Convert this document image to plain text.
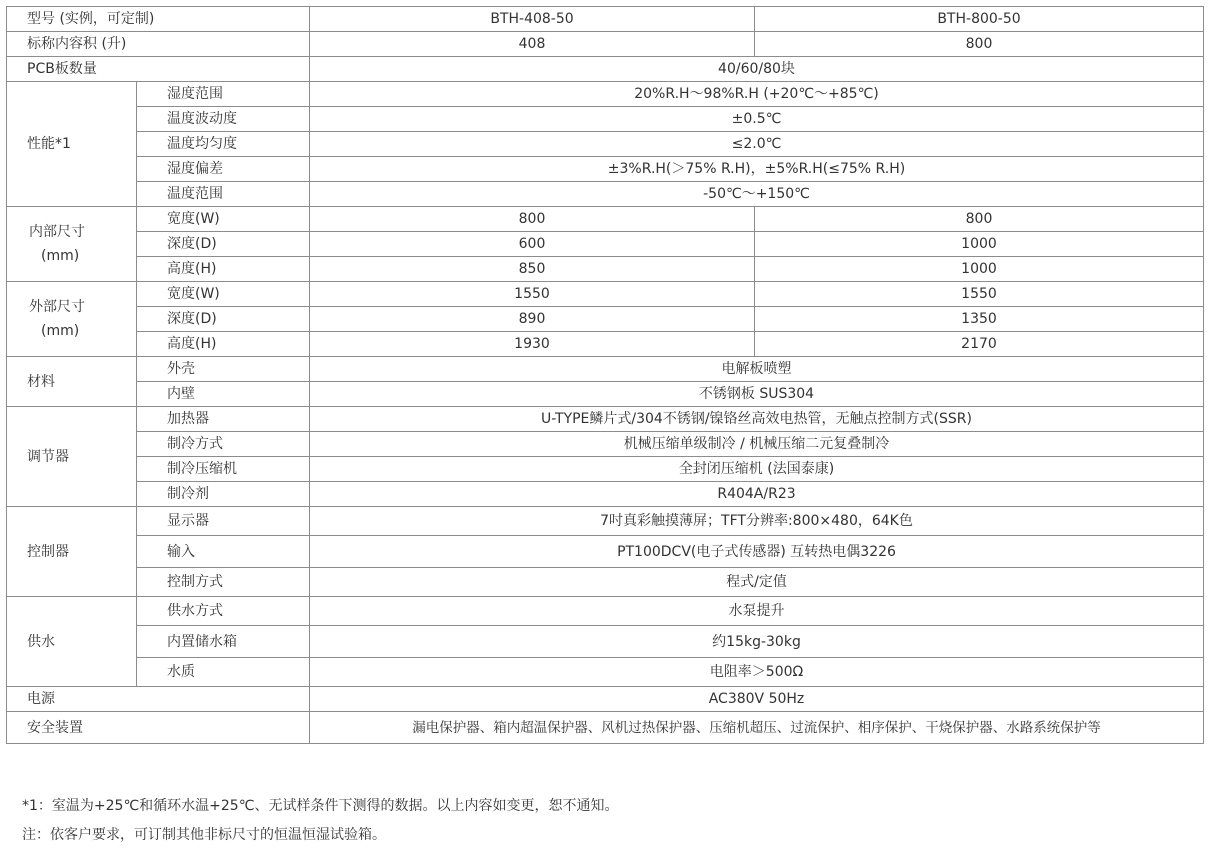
型号 (实例，可定制)		BTH-408-50	BTH-800-50
标称内容积 (升)		408	800
PCB板数量		40/60/80块	
性能*1	湿度范围	20%R.H～98%R.H (+20℃～+85℃)	
	温度波动度	±0.5℃	
	温度均匀度	≤2.0℃	
	湿度偏差	±3%R.H(＞75% R.H)，±5%R.H(≤75% R.H)	
	温度范围	-50℃～+150℃	

内部尺寸
(mm)	宽度(W)	800	800
	深度(D)	600	1000
	高度(H)	850	1000

外部尺寸
(mm)	宽度(W)	1550	1550
	深度(D)	890	1350
	高度(H)	1930	2170
材料	外壳	电解板喷塑	
	内壁	不锈钢板 SUS304	
调节器	加热器	U-TYPE鳞片式/304不锈钢/镍铬丝高效电热管，无触点控制方式(SSR)	
	制冷方式	机械压缩单级制冷 / 机械压缩二元复叠制冷	
	制冷压缩机	全封闭压缩机 (法国泰康)	
	制冷剂	R404A/R23	
控制器	显示器	7吋真彩触摸薄屏；TFT分辨率:800×480，64K色	
	输入	PT100DCV(电子式传感器) 互转热电偶3226	
	控制方式	程式/定值	
供水	供水方式	水泵提升	
	内置储水箱	约15kg-30kg	
	水质	电阻率＞500Ω	
电源		AC380V 50Hz	
安全装置		漏电保护器、箱内超温保护器、风机过热保护器、压缩机超压、过流保护、相序保护、干烧保护器、水路系统保护等	
*1：室温为+25℃和循环水温+25℃、无试样条件下测得的数据。以上内容如变更，恕不通知。
注：依客户要求，可订制其他非标尺寸的恒温恒湿试验箱。
